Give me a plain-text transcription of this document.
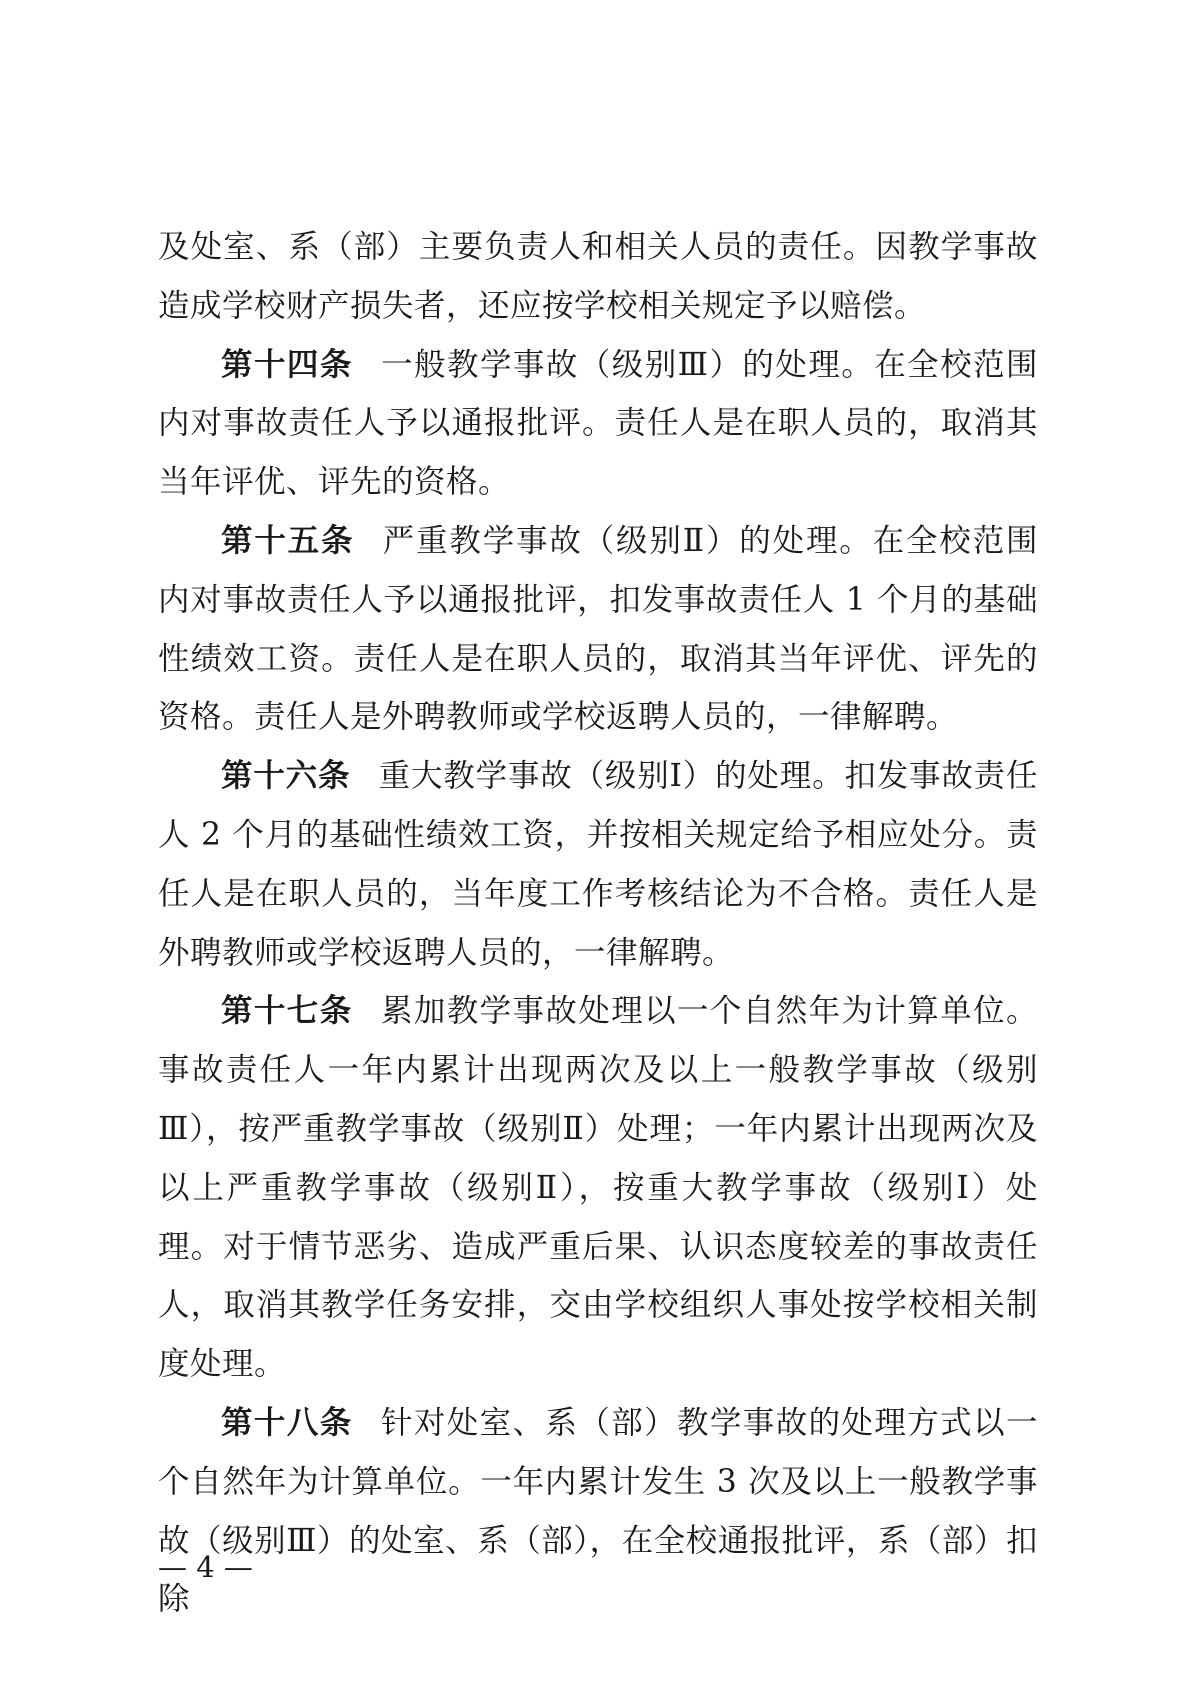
及处室、系（部）主要负责人和相关人员的责任。因教学事故造成学校财产损失者，还应按学校相关规定予以赔偿。

第十四条 一般教学事故（级别Ⅲ）的处理。在全校范围内对事故责任人予以通报批评。责任人是在职人员的，取消其当年评优、评先的资格。

第十五条 严重教学事故（级别Ⅱ）的处理。在全校范围内对事故责任人予以通报批评，扣发事故责任人 1 个月的基础性绩效工资。责任人是在职人员的，取消其当年评优、评先的资格。责任人是外聘教师或学校返聘人员的，一律解聘。

第十六条 重大教学事故（级别Ⅰ）的处理。扣发事故责任人 2 个月的基础性绩效工资，并按相关规定给予相应处分。责任人是在职人员的，当年度工作考核结论为不合格。责任人是外聘教师或学校返聘人员的，一律解聘。

第十七条 累加教学事故处理以一个自然年为计算单位。事故责任人一年内累计出现两次及以上一般教学事故（级别Ⅲ），按严重教学事故（级别Ⅱ）处理；一年内累计出现两次及以上严重教学事故（级别Ⅱ），按重大教学事故（级别Ⅰ）处理。对于情节恶劣、造成严重后果、认识态度较差的事故责任人，取消其教学任务安排，交由学校组织人事处按学校相关制度处理。

第十八条 针对处室、系（部）教学事故的处理方式以一个自然年为计算单位。一年内累计发生 3 次及以上一般教学事故（级别Ⅲ）的处室、系（部），在全校通报批评，系（部）扣除

— 4 —
